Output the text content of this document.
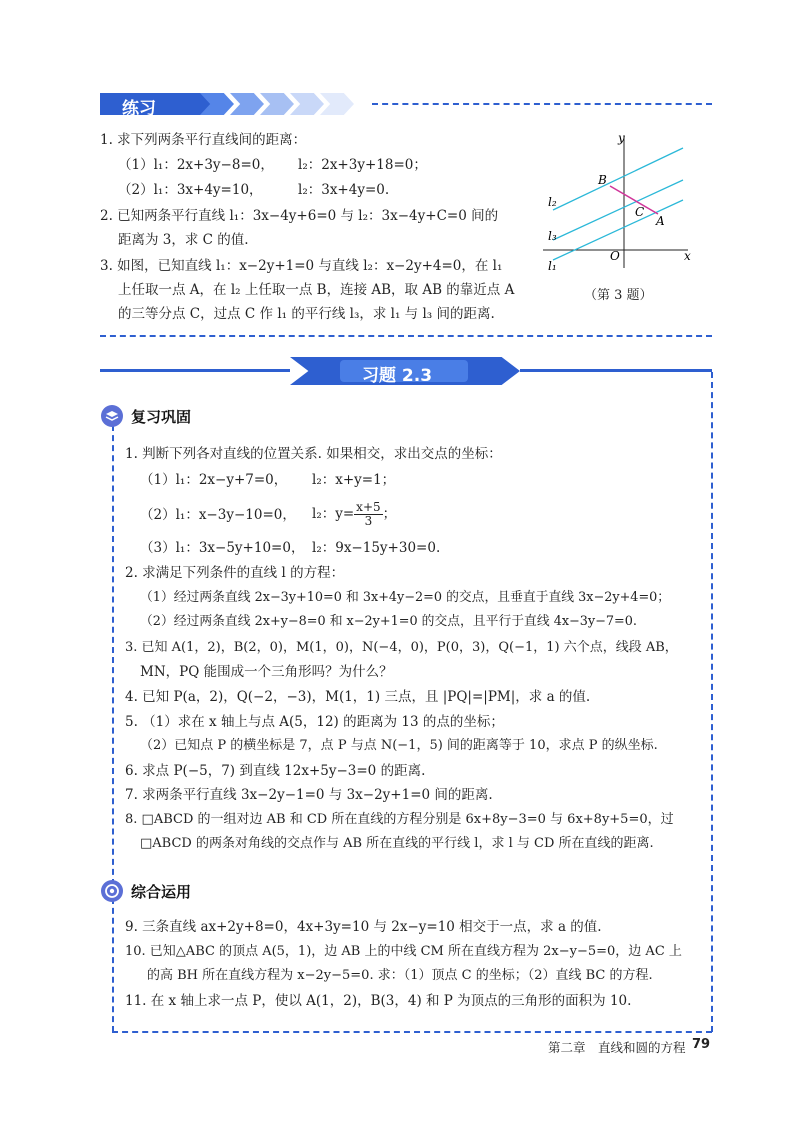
练习
1. 求下列两条平行直线间的距离：
（1）l₁：2x+3y−8=0， l₂：2x+3y+18=0；
（2）l₁：3x+4y=10，	l₂：3x+4y=0.
2. 已知两条平行直线 l₁：3x−4y+6=0 与 l₂：3x−4y+C=0 间的
距离为 3，求 C 的值.
3. 如图，已知直线 l₁：x−2y+1=0 与直线 l₂：x−2y+4=0，在 l₁
上任取一点 A，在 l₂ 上任取一点 B，连接 AB，取 AB 的靠近点 A
的三等分点 C，过点 C 作 l₁ 的平行线 l₃，求 l₁ 与 l₃ 间的距离.
y
x
O
B
C
A
l₂
l₃
l₁
（第 3 题）
习题 2.3
复习巩固
1. 判断下列各对直线的位置关系. 如果相交，求出交点的坐标：
（1）l₁：2x−y+7=0， l₂：x+y=1；
（2）l₁：x−3y−10=0， l₂：$y= \frac{x+5}{3}$ ；
（3）l₁：3x−5y+10=0， l₂：9x−15y+30=0.
2. 求满足下列条件的直线 l 的方程：
（1）经过两条直线 2x−3y+10=0 和 3x+4y−2=0 的交点，且垂直于直线 3x−2y+4=0；
（2）经过两条直线 2x+y−8=0 和 x−2y+1=0 的交点，且平行于直线 4x−3y−7=0.
3. 已知 A(1，2)，B(2，0)，M(1，0)，N(−4，0)，P(0，3)，Q(−1，1) 六个点，线段 AB，
MN，PQ 能围成一个三角形吗？为什么？
4. 已知 P(a，2)，Q(−2，−3)，M(1，1) 三点，且 |PQ|=|PM|，求 a 的值.
5. （1）求在 x 轴上与点 A(5，12) 的距离为 13 的点的坐标；
（2）已知点 P 的横坐标是 7，点 P 与点 N(−1，5) 间的距离等于 10，求点 P 的纵坐标.
6. 求点 P(−5，7) 到直线 12x+5y−3=0 的距离.
7. 求两条平行直线 3x−2y−1=0 与 3x−2y+1=0 间的距离.
8. □ABCD 的一组对边 AB 和 CD 所在直线的方程分别是 6x+8y−3=0 与 6x+8y+5=0，过
□ABCD 的两条对角线的交点作与 AB 所在直线的平行线 l，求 l 与 CD 所在直线的距离.
综合运用
9. 三条直线 ax+2y+8=0，4x+3y=10 与 2x−y=10 相交于一点，求 a 的值.
10. 已知△ABC 的顶点 A(5，1)，边 AB 上的中线 CM 所在直线方程为 2x−y−5=0，边 AC 上
的高 BH 所在直线方程为 x−2y−5=0. 求：（1）顶点 C 的坐标；（2）直线 BC 的方程.
11. 在 x 轴上求一点 P，使以 A(1，2)，B(3，4) 和 P 为顶点的三角形的面积为 10.
第二章　直线和圆的方程 79
